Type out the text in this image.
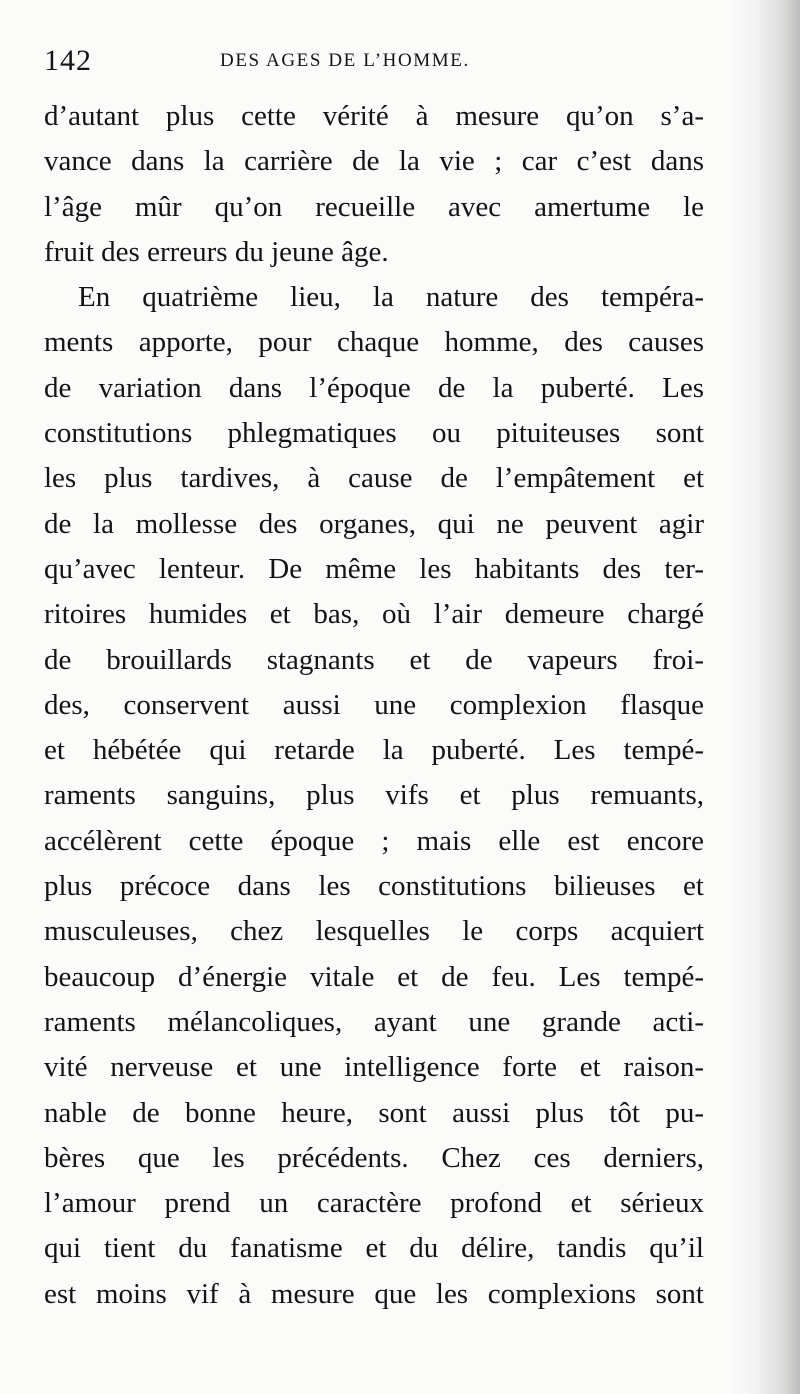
142	DES AGES DE L’HOMME.
d’autant plus cette vérité à mesure qu’on s’a-
vance dans la carrière de la vie ; car c’est dans
l’âge mûr qu’on recueille avec amertume le
fruit des erreurs du jeune âge.
En quatrième lieu, la nature des tempéra-
ments apporte, pour chaque homme, des causes
de variation dans l’époque de la puberté. Les
constitutions phlegmatiques ou pituiteuses sont
les plus tardives, à cause de l’empâtement et
de la mollesse des organes, qui ne peuvent agir
qu’avec lenteur. De même les habitants des ter-
ritoires humides et bas, où l’air demeure chargé
de brouillards stagnants et de vapeurs froi-
des, conservent aussi une complexion flasque
et hébétée qui retarde la puberté. Les tempé-
raments sanguins, plus vifs et plus remuants,
accélèrent cette époque ; mais elle est encore
plus précoce dans les constitutions bilieuses et
musculeuses, chez lesquelles le corps acquiert
beaucoup d’énergie vitale et de feu. Les tempé-
raments mélancoliques, ayant une grande acti-
vité nerveuse et une intelligence forte et raison-
nable de bonne heure, sont aussi plus tôt pu-
bères que les précédents. Chez ces derniers,
l’amour prend un caractère profond et sérieux
qui tient du fanatisme et du délire, tandis qu’il
est moins vif à mesure que les complexions sont
